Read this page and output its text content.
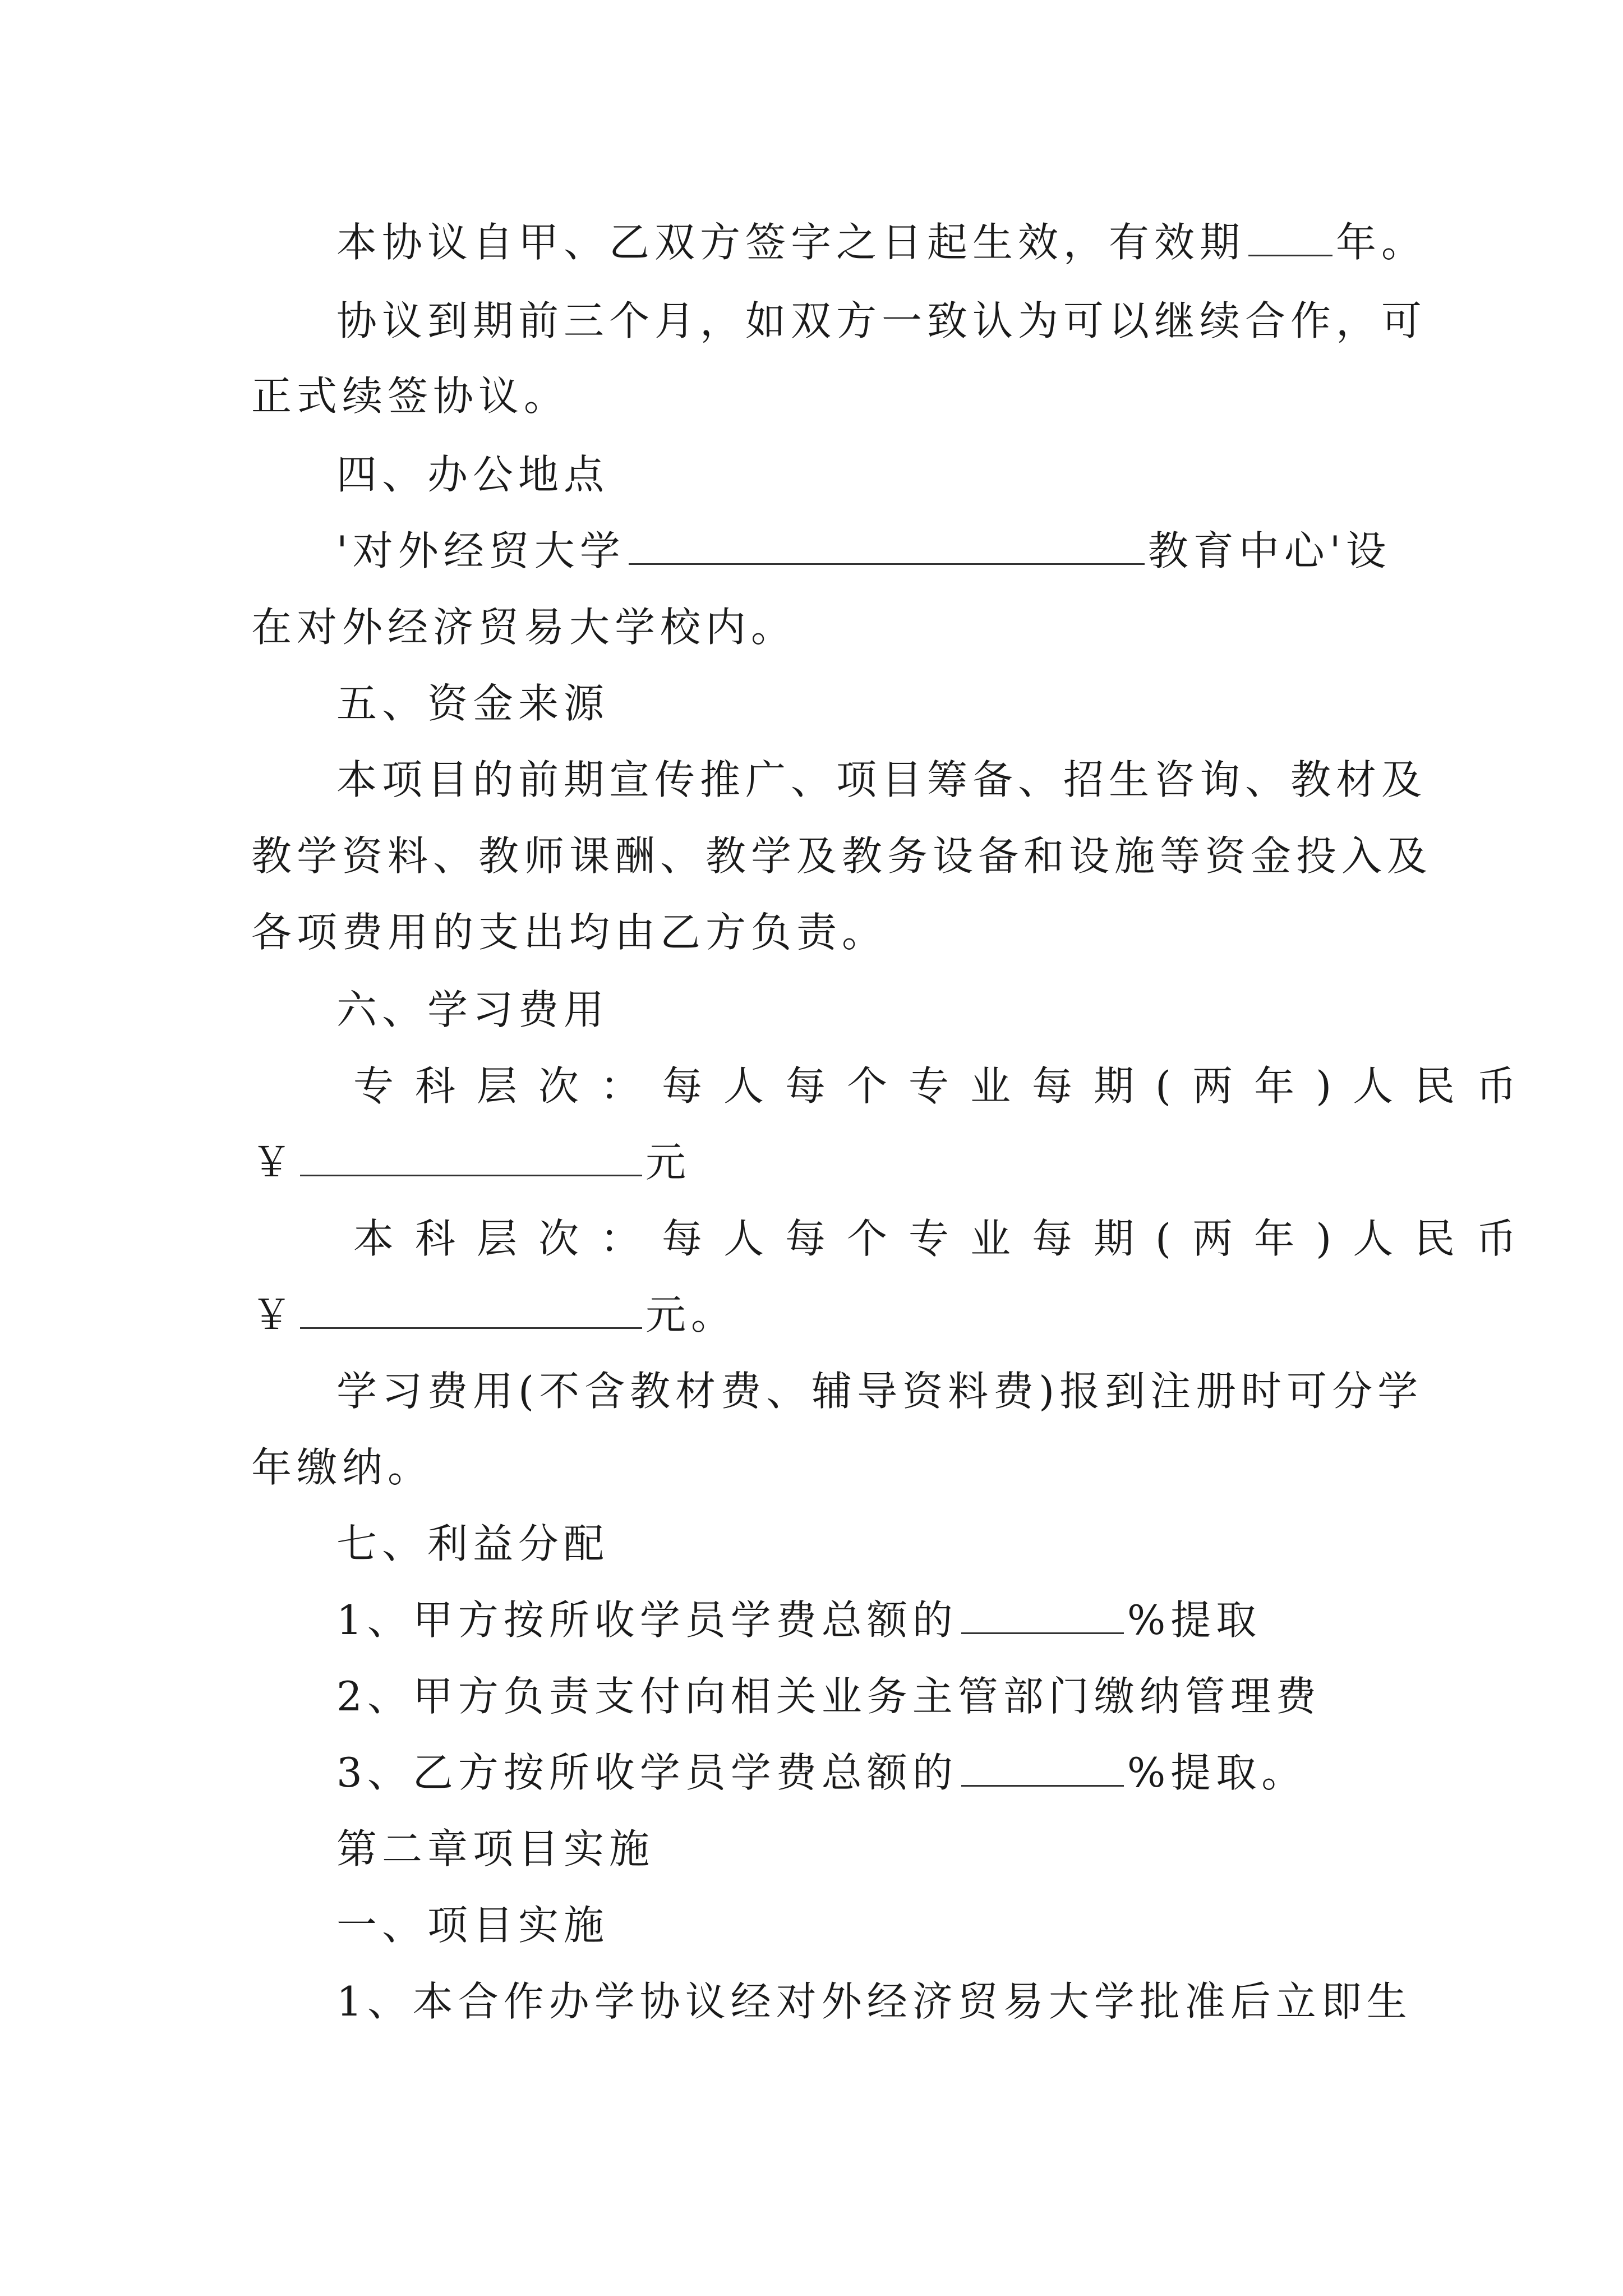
本协议自甲、乙双方签字之日起生效，有效期 年。
协议到期前三个月，如双方一致认为可以继续合作，可
正式续签协议。
四、办公地点
'对外经贸大学	教育中心'设
在对外经济贸易大学校内。
五、资金来源
本项目的前期宣传推广、项目筹备、招生咨询、教材及
教学资料、教师课酬、教学及教务设备和设施等资金投入及
各项费用的支出均由乙方负责。
六、学习费用
专科层次：每人每个专业每期(两年)人民币
￥	元
本科层次：每人每个专业每期(两年)人民币
￥	元。
学习费用(不含教材费、辅导资料费)报到注册时可分学
年缴纳。
七、利益分配
1、甲方按所收学员学费总额的	%提取
2、甲方负责支付向相关业务主管部门缴纳管理费
3、乙方按所收学员学费总额的	%提取。
第二章项目实施
一、项目实施
1、本合作办学协议经对外经济贸易大学批准后立即生
